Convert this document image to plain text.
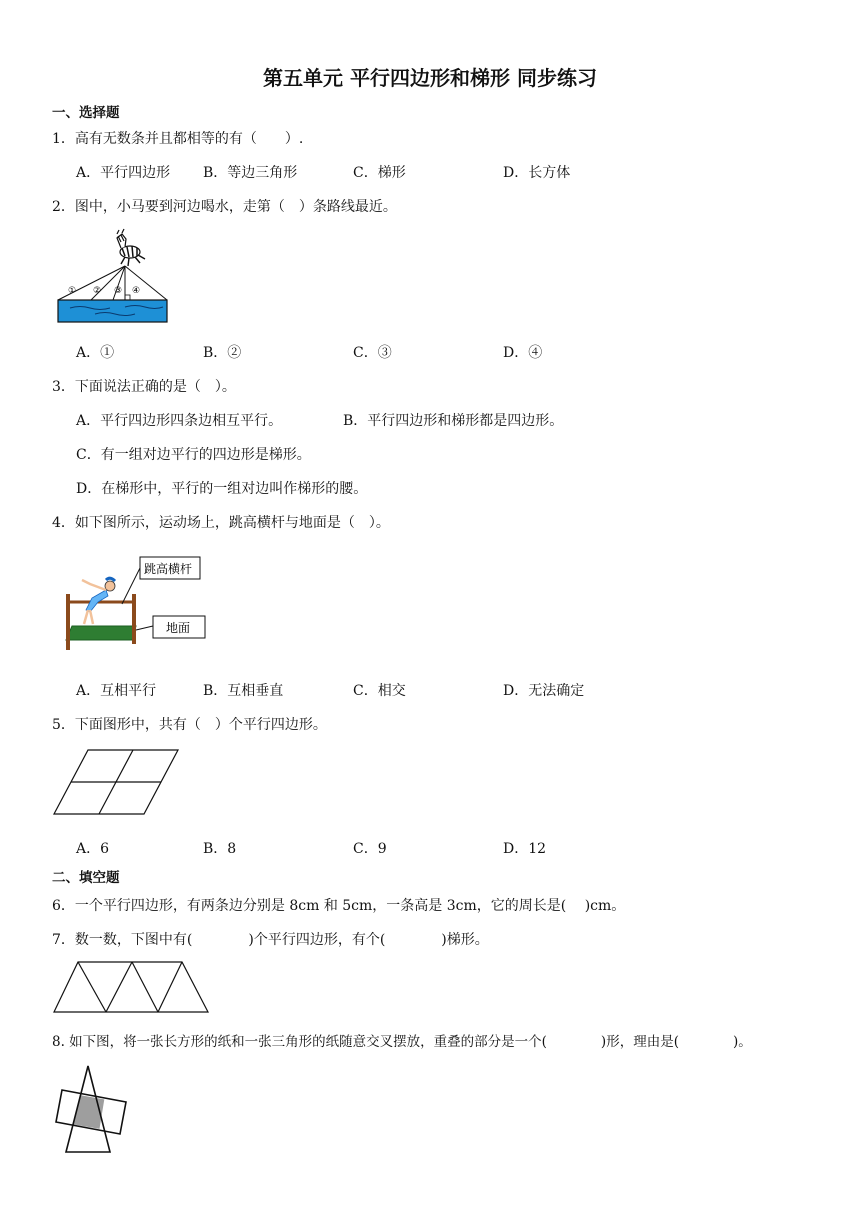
第五单元 平行四边形和梯形 同步练习
一、选择题
1．高有无数条并且都相等的有（　　）.
A．平行四边形 B．等边三角形	C．梯形	D．长方体
2．图中，小马要到河边喝水，走第（　）条路线最近。
① ② ③ ④
A．①	B．②	C．③	D．④
3．下面说法正确的是（　）。
A．平行四边形四条边相互平行。	B．平行四边形和梯形都是四边形。
C．有一组对边平行的四边形是梯形。
D．在梯形中，平行的一组对边叫作梯形的腰。
4．如下图所示，运动场上，跳高横杆与地面是（　）。
跳高横杆
地面
A．互相平行	B．互相垂直	C．相交	D．无法确定
5．下面图形中，共有（　）个平行四边形。
A．6	B．8	C．9	D．12
二、填空题
6．一个平行四边形，有两条边分别是 8cm 和 5cm，一条高是 3cm，它的周长是(　 )cm。
7．数一数，下图中有(　　　　)个平行四边形，有个(　　　　)梯形。
8. 如下图，将一张长方形的纸和一张三角形的纸随意交叉摆放，重叠的部分是一个(　　　　)形，理由是(　　　　)。
